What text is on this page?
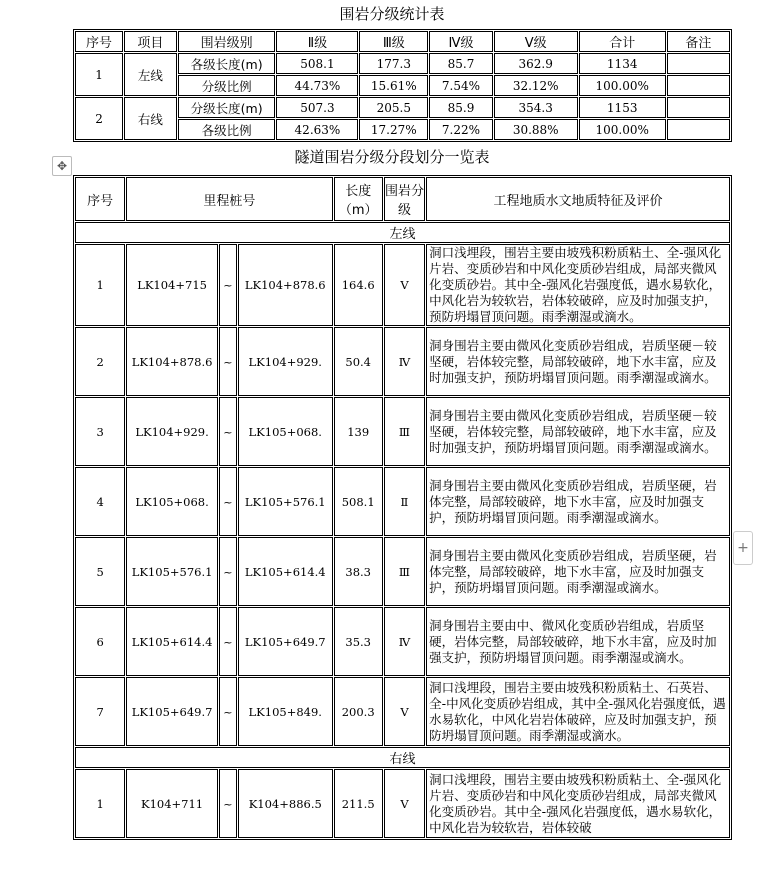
围岩分级统计表
序号	项目	围岩级别	Ⅱ级	Ⅲ级	Ⅳ级	Ⅴ级	合计	备注
1	左线	各级长度(m)	508.1	177.3	85.7	362.9	1134	
		分级比例	44.73%	15.61%	7.54%	32.12%	100.00%	
2	右线	分级长度(m)	507.3	205.5	85.9	354.3	1153	
		各级比例	42.63%	17.27%	7.22%	30.88%	100.00%	
隧道围岩分级分段划分一览表
✥
序号	里程桩号			长度（m）	围岩分级	工程地质水文地质特征及评价
左线						
1	LK104+715	~	LK104+878.6	164.6	Ⅴ	洞口浅埋段，围岩主要由坡残积粉质粘土、全-强风化片岩、变质砂岩和中风化变质砂岩组成，局部夹微风化变质砂岩。其中全-强风化岩强度低，遇水易软化，中风化岩为较软岩，岩体较破碎，应及时加强支护，预防坍塌冒顶问题。雨季潮湿或滴水。
2	LK104+878.6	~	LK104+929.	50.4	Ⅳ	洞身围岩主要由微风化变质砂岩组成，岩质坚硬－较坚硬，岩体较完整，局部较破碎，地下水丰富，应及时加强支护，预防坍塌冒顶问题。雨季潮湿或滴水。
3	LK104+929.	~	LK105+068.	139	Ⅲ	洞身围岩主要由微风化变质砂岩组成，岩质坚硬－较坚硬，岩体较完整，局部较破碎，地下水丰富，应及时加强支护，预防坍塌冒顶问题。雨季潮湿或滴水。
4	LK105+068.	~	LK105+576.1	508.1	Ⅱ	洞身围岩主要由微风化变质砂岩组成，岩质坚硬，岩体完整，局部较破碎，地下水丰富，应及时加强支护，预防坍塌冒顶问题。雨季潮湿或滴水。
5	LK105+576.1	~	LK105+614.4	38.3	Ⅲ	洞身围岩主要由微风化变质砂岩组成，岩质坚硬，岩体完整，局部较破碎，地下水丰富，应及时加强支护，预防坍塌冒顶问题。雨季潮湿或滴水。
6	LK105+614.4	~	LK105+649.7	35.3	Ⅳ	洞身围岩主要由中、微风化变质砂岩组成，岩质坚硬，岩体完整，局部较破碎，地下水丰富，应及时加强支护，预防坍塌冒顶问题。雨季潮湿或滴水。
7	LK105+649.7	~	LK105+849.	200.3	Ⅴ	洞口浅埋段，围岩主要由坡残积粉质粘土、石英岩、全-中风化变质砂岩组成，其中全-强风化岩强度低，遇水易软化，中风化岩岩体破碎，应及时加强支护，预防坍塌冒顶问题。雨季潮湿或滴水。
右线						
1	K104+711	~	K104+886.5	211.5	Ⅴ	洞口浅埋段，围岩主要由坡残积粉质粘土、全-强风化片岩、变质砂岩和中风化变质砂岩组成，局部夹微风化变质砂岩。其中全-强风化岩强度低，遇水易软化，中风化岩为较软岩，岩体较破
+
